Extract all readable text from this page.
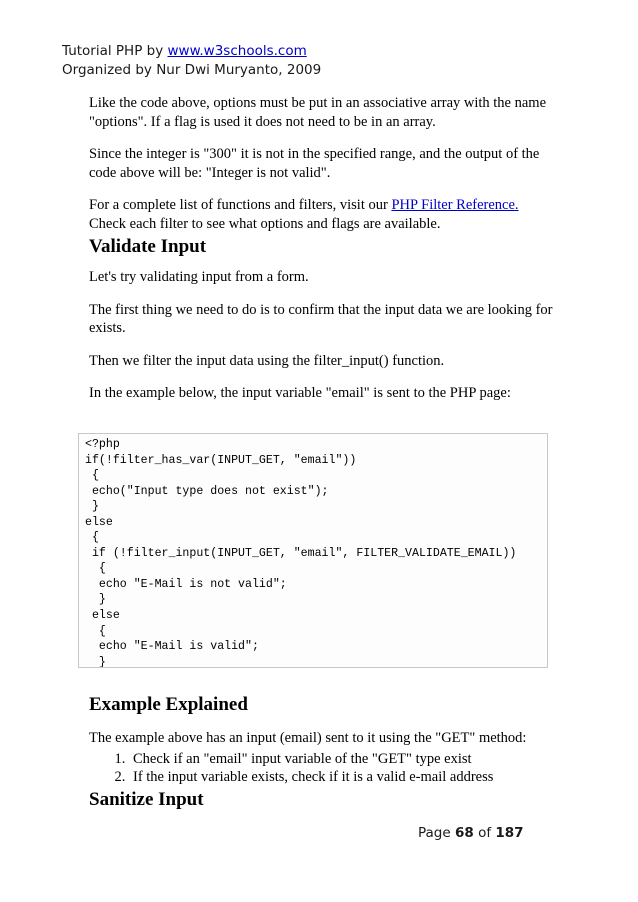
Tutorial PHP by www.w3schools.com
Organized by Nur Dwi Muryanto, 2009

Like the code above, options must be put in an associative array with the name "options". If a flag is used it does not need to be in an array.

Since the integer is "300" it is not in the specified range, and the output of the code above will be: "Integer is not valid".

For a complete list of functions and filters, visit our PHP Filter Reference. Check each filter to see what options and flags are available.

Validate Input

Let's try validating input from a form.

The first thing we need to do is to confirm that the input data we are looking for exists.

Then we filter the input data using the filter_input() function.

In the example below, the input variable "email" is sent to the PHP page:

<?php
if(!filter_has_var(INPUT_GET, "email"))
{
echo("Input type does not exist");
}
else
{
if (!filter_input(INPUT_GET, "email", FILTER_VALIDATE_EMAIL))
{
echo "E-Mail is not valid";
}
else
{
echo "E-Mail is valid";
}

Example Explained

The example above has an input (email) sent to it using the "GET" method:

1. Check if an "email" input variable of the "GET" type exist
2. If the input variable exists, check if it is a valid e-mail address
Sanitize Input
Page 68 of 187
